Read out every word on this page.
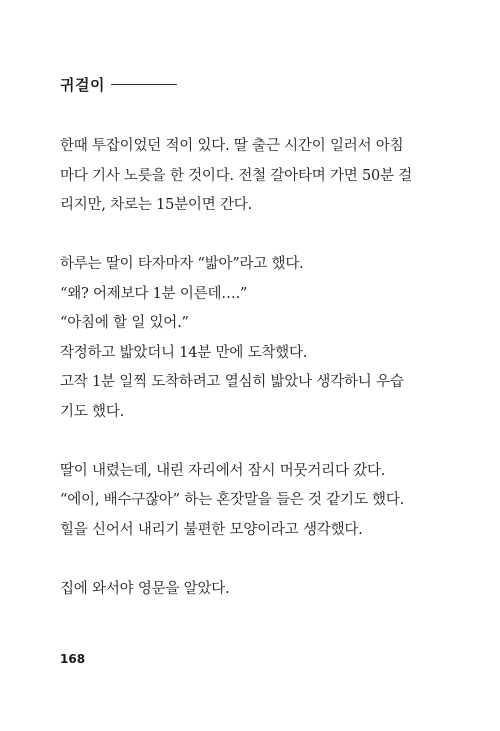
귀걸이

한때 투잡이었던 적이 있다. 딸 출근 시간이 일러서 아침

마다 기사 노릇을 한 것이다. 전철 갈아타며 가면 50분 걸

리지만, 차로는 15분이면 간다.

하루는 딸이 타자마자 “밟아”라고 했다.

“왜? 어제보다 1분 이른데….”

“아침에 할 일 있어.”

작정하고 밟았더니 14분 만에 도착했다.

고작 1분 일찍 도착하려고 열심히 밟았나 생각하니 우습

기도 했다.

딸이 내렸는데, 내린 자리에서 잠시 머뭇거리다 갔다.

“에이, 배수구잖아” 하는 혼잣말을 들은 것 같기도 했다.

힐을 신어서 내리기 불편한 모양이라고 생각했다.

집에 와서야 영문을 알았다.

168
